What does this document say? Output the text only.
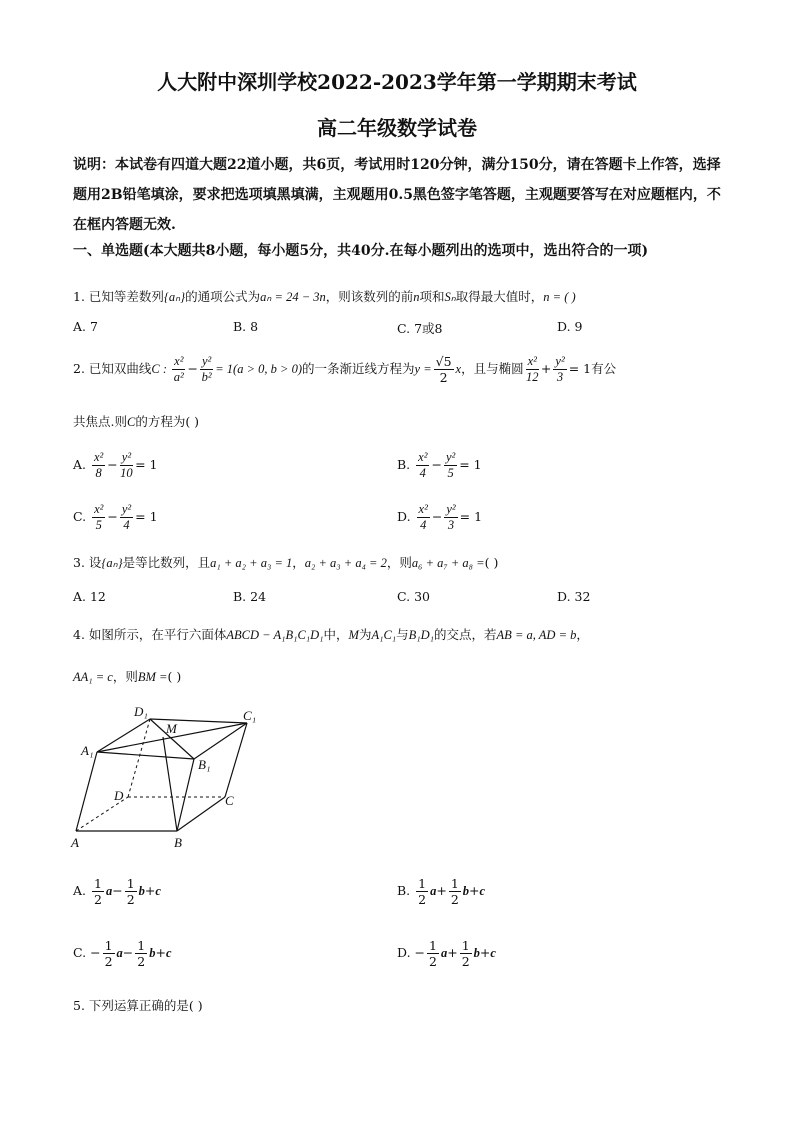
人大附中深圳学校2022-2023学年第一学期期末考试
高二年级数学试卷
说明：本试卷有四道大题22道小题，共6页，考试用时120分钟，满分150分，请在答题卡上作答，选择题用2B铅笔填涂，要求把选项填黑填满，主观题用0.5黑色签字笔答题，主观题要答写在对应题框内，不在框内答题无效.
一、单选题(本大题共8小题，每小题5分，共40分.在每小题列出的选项中，选出符合的一项)
1. 已知等差数列{aₙ}的通项公式为aₙ = 24 − 3n，则该数列的前n项和Sₙ取得最大值时，n = ( )
A. 7	B. 8	C. 7或8	D. 9
2. 已知双曲线C : $\frac{\text{x²}}{\text{a²}} - \frac{\text{y²}}{\text{b²}} = 1(a > 0$, b > 0)的一条渐近线方程为$y = \frac{√5}{2}$ x，且与椭圆 $\frac{\text{x²}}{12} + \frac{\text{y²}}{3} = 1$有公
共焦点.则C的方程为( )
A. $\frac{\text{x²}}{8} - \frac{\text{y²}}{10} = 1$	B. $\frac{\text{x²}}{4} - \frac{\text{y²}}{5} = 1$
C. $\frac{\text{x²}}{5} - \frac{\text{y²}}{4} = 1$	D. $\frac{\text{x²}}{4} - \frac{\text{y²}}{3} = 1$
3. 设{aₙ}是等比数列，且a₁ + a₂ + a₃ = 1，a₂ + a₃ + a₄ = 2，则a₆ + a₇ + a₈ =( )
A. 12	B. 24	C. 30	D. 32
4. 如图所示，在平行六面体ABCD − A₁B₁C₁D₁中，M为A₁C₁与B₁D₁的交点，若AB = a, AD = b，
AA₁ = c，则BM =( )
D₁
M
C₁
A₁
B₁
D	C
A	B
A. $\frac{1}{2} a- \frac{1}{2} b+c$	B. $\frac{1}{2} a+ \frac{1}{2} b+c$
C. − $\frac{1}{2} a- \frac{1}{2} b+c$	D. − $\frac{1}{2} a+ \frac{1}{2} b+c$
5. 下列运算正确的是( )
